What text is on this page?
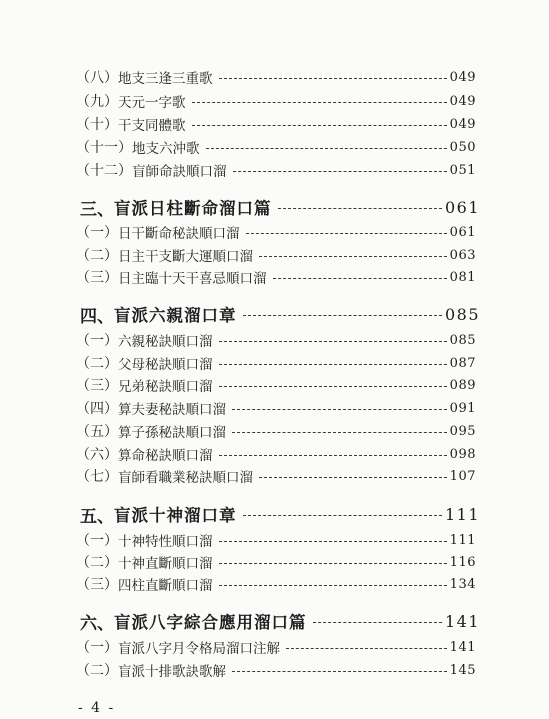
（八） 地支三逢三重歌	049
（九） 天元一字歌	049
（十） 干支同體歌	049
（十一） 地支六沖歌	050
（十二） 盲師命訣順口溜	051
三、 盲派日柱斷命溜口篇	061
（一） 日干斷命秘訣順口溜	061
（二） 日主干支斷大運順口溜	063
（三） 日主臨十天干喜忌順口溜	081
四、 盲派六親溜口章	085
（一） 六親秘訣順口溜	085
（二） 父母秘訣順口溜	087
（三） 兄弟秘訣順口溜	089
（四） 算夫妻秘訣順口溜	091
（五） 算子孫秘訣順口溜	095
（六） 算命秘訣順口溜	098
（七） 盲師看職業秘訣順口溜	107
五、 盲派十神溜口章	111
（一） 十神特性順口溜	111
（二） 十神直斷順口溜	116
（三） 四柱直斷順口溜	134
六、 盲派八字綜合應用溜口篇	141
（一） 盲派八字月令格局溜口注解	141
（二） 盲派十排歌訣歌解	145
- 4 -
